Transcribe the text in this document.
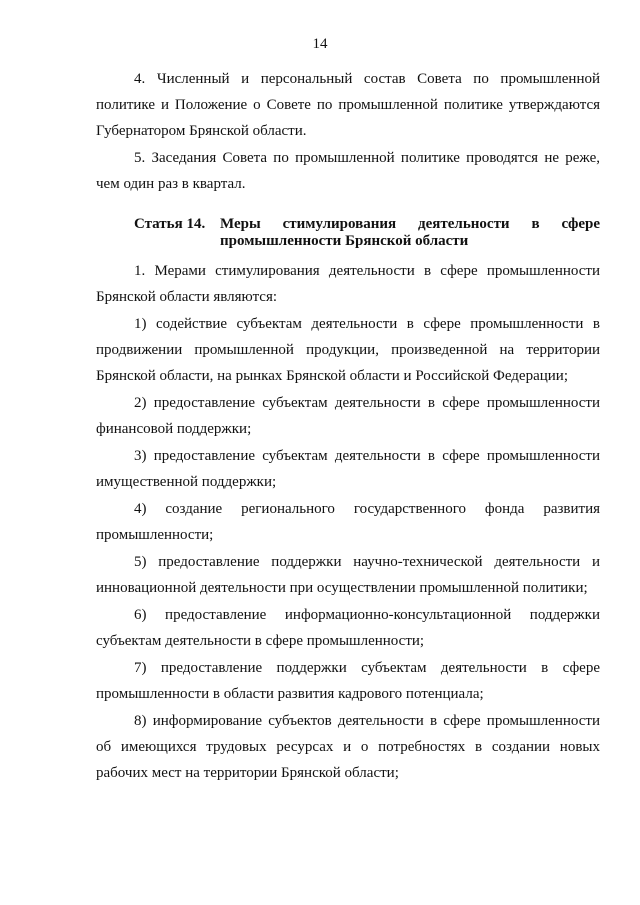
14

4. Численный и персональный состав Совета по промышленной политике и Положение о Совете по промышленной политике утверждаются Губернатором Брянской области.

5. Заседания Совета по промышленной политике проводятся не реже, чем один раз в квартал.

Статья 14. Меры стимулирования деятельности в сфере промышленности Брянской области

1. Мерами стимулирования деятельности в сфере промышленности Брянской области являются:

1) содействие субъектам деятельности в сфере промышленности в продвижении промышленной продукции, произведенной на территории Брянской области, на рынках Брянской области и Российской Федерации;

2) предоставление субъектам деятельности в сфере промышленности финансовой поддержки;

3) предоставление субъектам деятельности в сфере промышленности имущественной поддержки;

4) создание регионального государственного фонда развития промышленности;

5) предоставление поддержки научно-технической деятельности и инновационной деятельности при осуществлении промышленной политики;

6) предоставление информационно-консультационной поддержки субъектам деятельности в сфере промышленности;

7) предоставление поддержки субъектам деятельности в сфере промышленности в области развития кадрового потенциала;

8) информирование субъектов деятельности в сфере промышленности об имеющихся трудовых ресурсах и о потребностях в создании новых рабочих мест на территории Брянской области;
